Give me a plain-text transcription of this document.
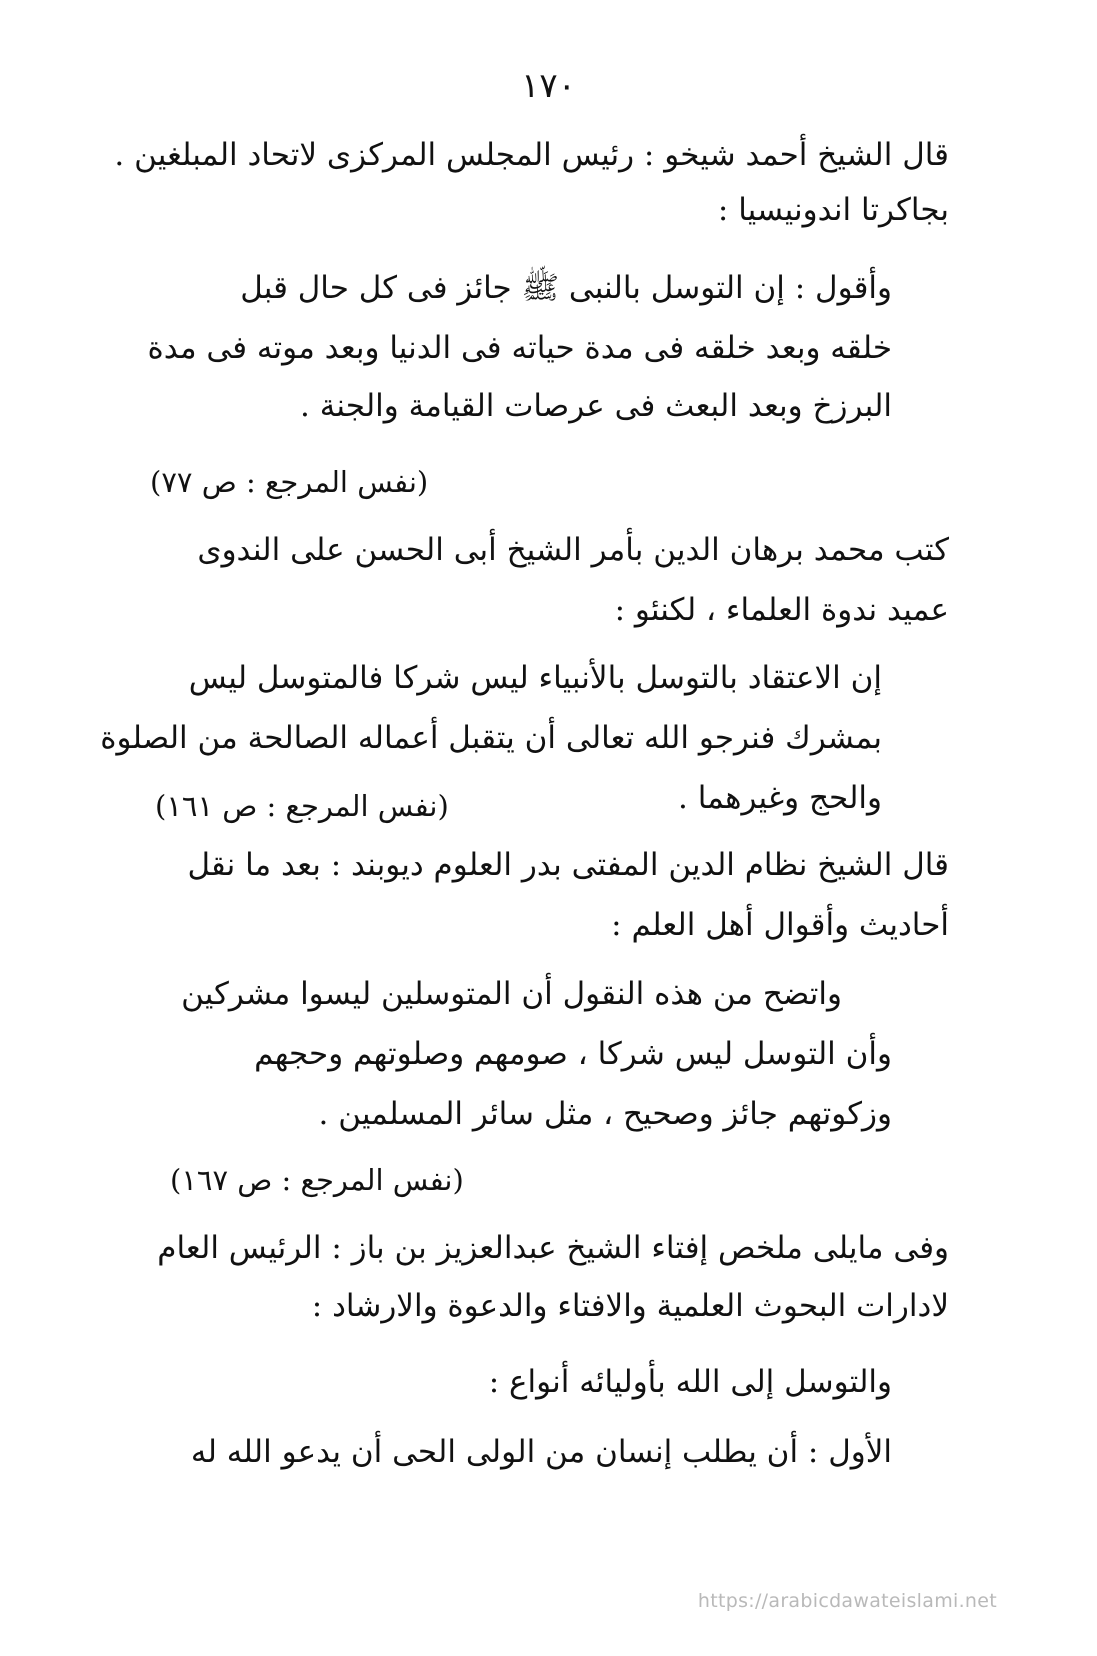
١٧٠
قال الشيخ أحمد شيخو : رئيس المجلس المركزى لاتحاد المبلغين .
بجاكرتا اندونيسيا :
وأقول : إن التوسل بالنبى ﷺ جائز فى كل حال قبل
خلقه وبعد خلقه فى مدة حياته فى الدنيا وبعد موته فى مدة
البرزخ وبعد البعث فى عرصات القيامة والجنة .
(نفس المرجع : ص ٧٧)
كتب محمد برهان الدين بأمر الشيخ أبى الحسن على الندوى
عميد ندوة العلماء ، لكنئو :
إن الاعتقاد بالتوسل بالأنبياء ليس شركا فالمتوسل ليس
بمشرك فنرجو الله تعالى أن يتقبل أعماله الصالحة من الصلوة
والحج وغيرهما .
(نفس المرجع : ص ١٦١)
قال الشيخ نظام الدين المفتى بدر العلوم ديوبند : بعد ما نقل
أحاديث وأقوال أهل العلم :
واتضح من هذه النقول أن المتوسلين ليسوا مشركين
وأن التوسل ليس شركا ، صومهم وصلوتهم وحجهم
وزكوتهم جائز وصحيح ، مثل سائر المسلمين .
(نفس المرجع : ص ١٦٧)
وفى مايلى ملخص إفتاء الشيخ عبدالعزيز بن باز : الرئيس العام
لادارات البحوث العلمية والافتاء والدعوة والارشاد :
والتوسل إلى الله بأوليائه أنواع :
الأول : أن يطلب إنسان من الولى الحى أن يدعو الله له
https://arabicdawateislami.net
